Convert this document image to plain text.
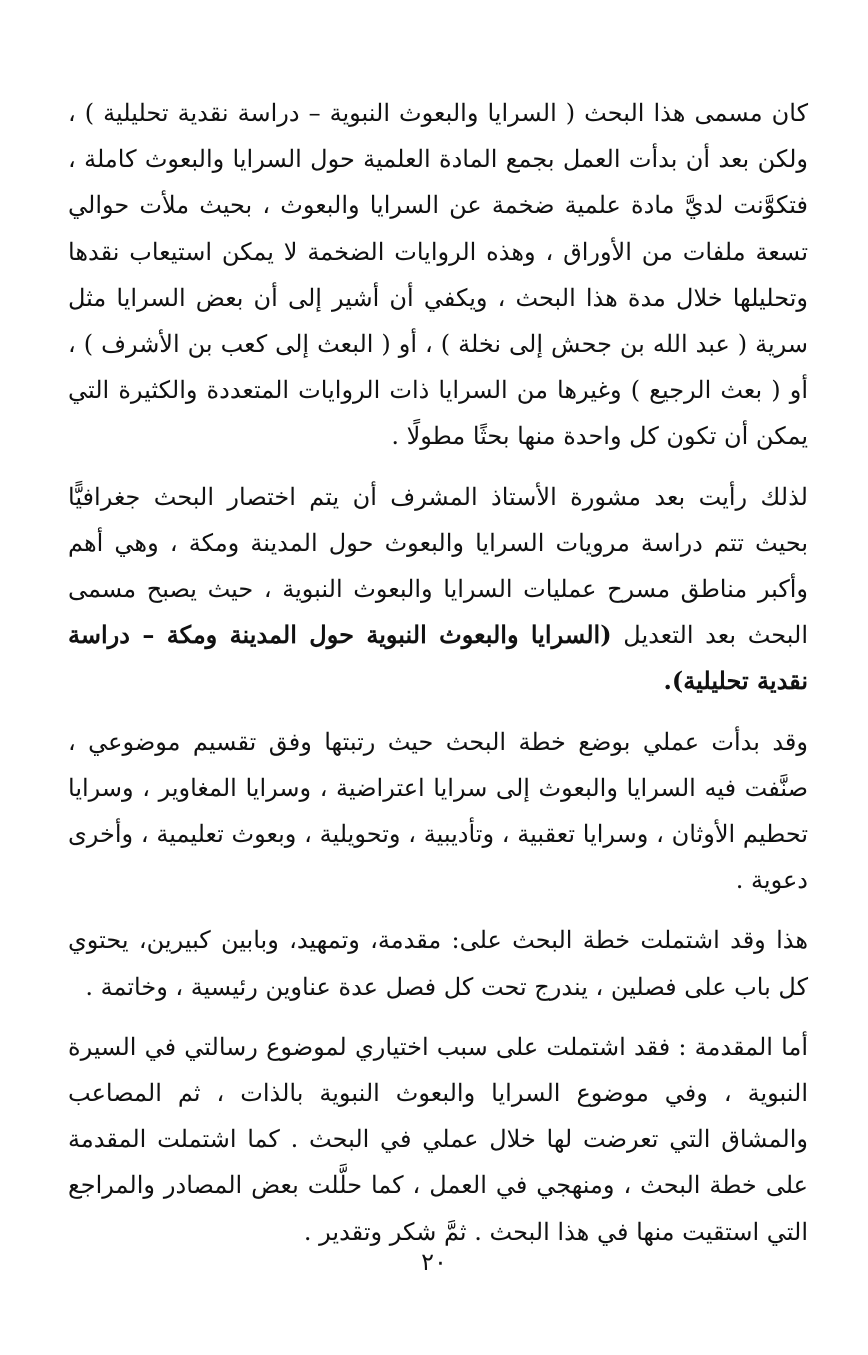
كان مسمى هذا البحث ( السرايا والبعوث النبوية – دراسة نقدية تحليلية ) ، ولكن بعد أن بدأت العمل بجمع المادة العلمية حول السرايا والبعوث كاملة ، فتكوَّنت لديَّ مادة علمية ضخمة عن السرايا والبعوث ، بحيث ملأت حوالي تسعة ملفات من الأوراق ، وهذه الروايات الضخمة لا يمكن استيعاب نقدها وتحليلها خلال مدة هذا البحث ، ويكفي أن أشير إلى أن بعض السرايا مثل سرية ( عبد الله بن جحش إلى نخلة ) ، أو ( البعث إلى كعب بن الأشرف ) ، أو ( بعث الرجيع ) وغيرها من السرايا ذات الروايات المتعددة والكثيرة التي يمكن أن تكون كل واحدة منها بحثًا مطولًا .

لذلك رأيت بعد مشورة الأستاذ المشرف أن يتم اختصار البحث جغرافيًّا بحيث تتم دراسة مرويات السرايا والبعوث حول المدينة ومكة ، وهي أهم وأكبر مناطق مسرح عمليات السرايا والبعوث النبوية ، حيث يصبح مسمى البحث بعد التعديل (السرايا والبعوث النبوية حول المدينة ومكة – دراسة نقدية تحليلية).

وقد بدأت عملي بوضع خطة البحث حيث رتبتها وفق تقسيم موضوعي ، صنَّفت فيه السرايا والبعوث إلى سرايا اعتراضية ، وسرايا المغاوير ، وسرايا تحطيم الأوثان ، وسرايا تعقبية ، وتأديبية ، وتحويلية ، وبعوث تعليمية ، وأخرى دعوية .

هذا وقد اشتملت خطة البحث على: مقدمة، وتمهيد، وبابين كبيرين، يحتوي كل باب على فصلين ، يندرج تحت كل فصل عدة عناوين رئيسية ، وخاتمة .

أما المقدمة : فقد اشتملت على سبب اختياري لموضوع رسالتي في السيرة النبوية ، وفي موضوع السرايا والبعوث النبوية بالذات ، ثم المصاعب والمشاق التي تعرضت لها خلال عملي في البحث . كما اشتملت المقدمة على خطة البحث ، ومنهجي في العمل ، كما حلَّلت بعض المصادر والمراجع التي استقيت منها في هذا البحث . ثمَّ شكر وتقدير .

٢٠
